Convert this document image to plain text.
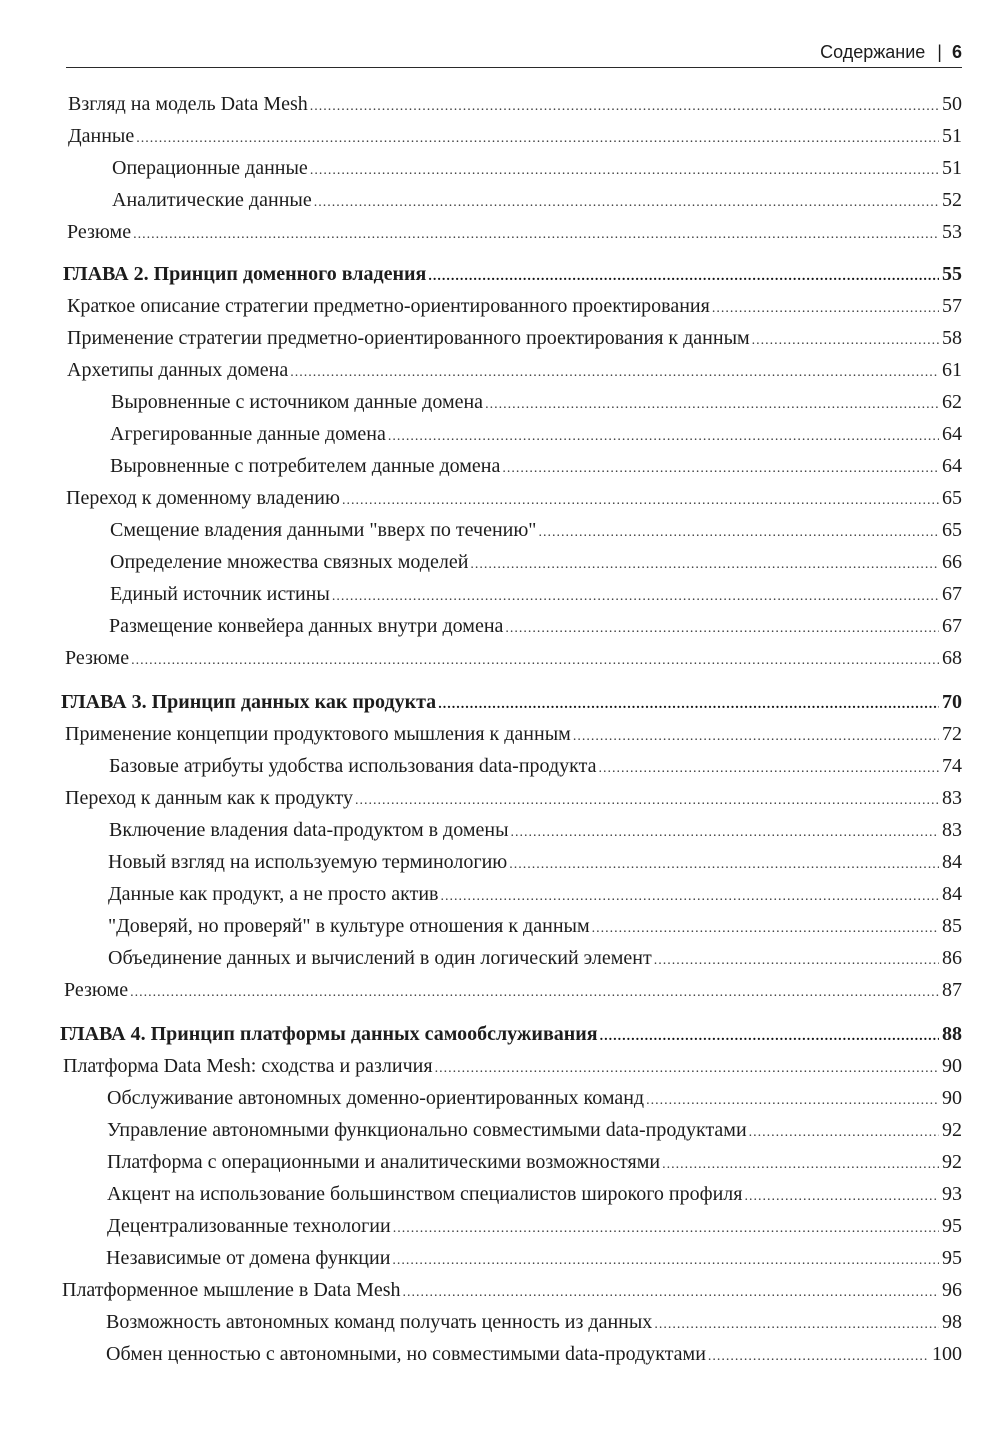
Содержание | 6
Взгляд на модель Data Mesh .....	50
Данные .....	51
Операционные данные .....	51
Аналитические данные .....	52
Резюме .....	53
ГЛАВА 2. Принцип доменного владения .....	55
Краткое описание стратегии предметно-ориентированного проектирования .....	57
Применение стратегии предметно-ориентированного проектирования к данным .....	58
Архетипы данных домена .....	61
Выровненные с источником данные домена .....	62
Агрегированные данные домена .....	64
Выровненные с потребителем данные домена .....	64
Переход к доменному владению .....	65
Смещение владения данными "вверх по течению" .....	65
Определение множества связных моделей .....	66
Единый источник истины .....	67
Размещение конвейера данных внутри домена .....	67
Резюме .....	68
ГЛАВА 3. Принцип данных как продукта .....	70
Применение концепции продуктового мышления к данным .....	72
Базовые атрибуты удобства использования data-продукта .....	74
Переход к данным как к продукту .....	83
Включение владения data-продуктом в домены .....	83
Новый взгляд на используемую терминологию .....	84
Данные как продукт, а не просто актив .....	84
"Доверяй, но проверяй" в культуре отношения к данным .....	85
Объединение данных и вычислений в один логический элемент .....	86
Резюме .....	87
ГЛАВА 4. Принцип платформы данных самообслуживания .....	88
Платформа Data Mesh: сходства и различия .....	90
Обслуживание автономных доменно-ориентированных команд .....	90
Управление автономными функционально совместимыми data-продуктами .....	92
Платформа с операционными и аналитическими возможностями .....	92
Акцент на использование большинством специалистов широкого профиля .....	93
Децентрализованные технологии .....	95
Независимые от домена функции .....	95
Платформенное мышление в Data Mesh .....	96
Возможность автономных команд получать ценность из данных .....	98
Обмен ценностью с автономными, но совместимыми data-продуктами .....	100
